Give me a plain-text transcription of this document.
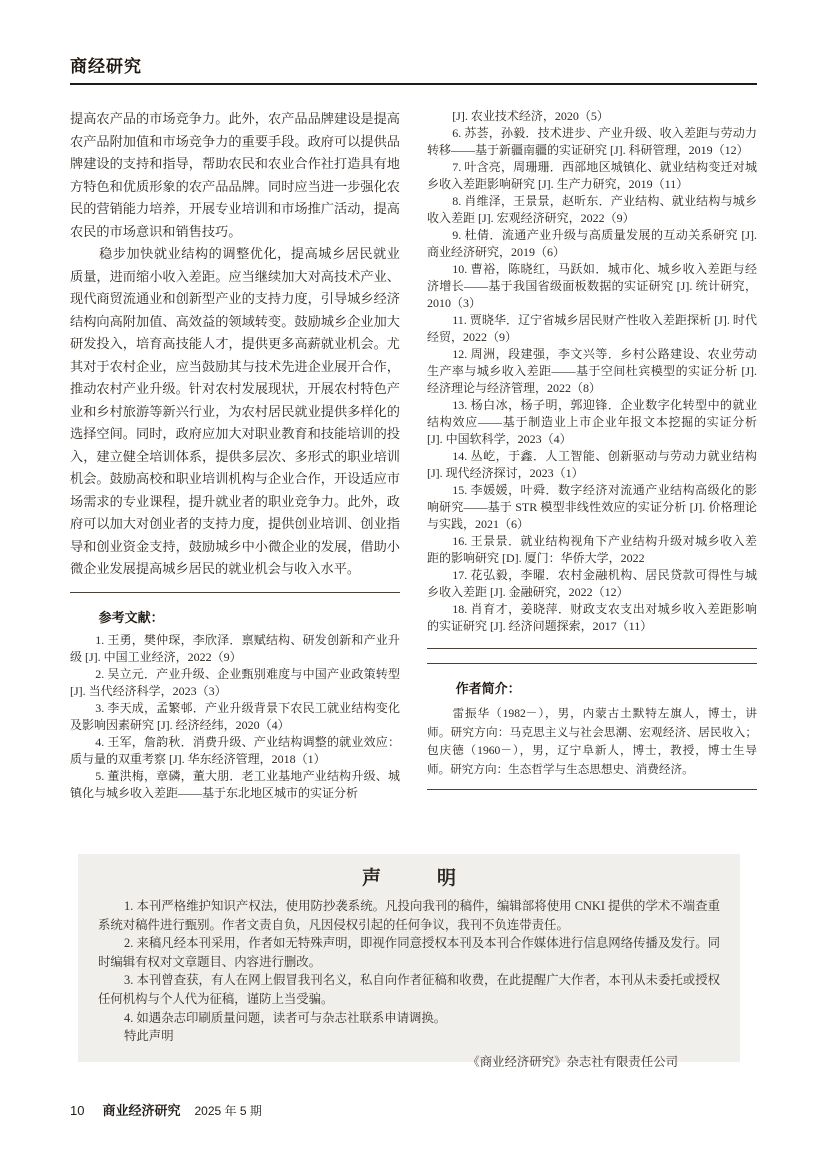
商经研究

提高农产品的市场竞争力。此外，农产品品牌建设是提高农产品附加值和市场竞争力的重要手段。政府可以提供品牌建设的支持和指导，帮助农民和农业合作社打造具有地方特色和优质形象的农产品品牌。同时应当进一步强化农民的营销能力培养，开展专业培训和市场推广活动，提高农民的市场意识和销售技巧。

稳步加快就业结构的调整优化，提高城乡居民就业质量，进而缩小收入差距。应当继续加大对高技术产业、现代商贸流通业和创新型产业的支持力度，引导城乡经济结构向高附加值、高效益的领域转变。鼓励城乡企业加大研发投入，培育高技能人才，提供更多高薪就业机会。尤其对于农村企业，应当鼓励其与技术先进企业展开合作，推动农村产业升级。针对农村发展现状，开展农村特色产业和乡村旅游等新兴行业，为农村居民就业提供多样化的选择空间。同时，政府应加大对职业教育和技能培训的投入，建立健全培训体系，提供多层次、多形式的职业培训机会。鼓励高校和职业培训机构与企业合作，开设适应市场需求的专业课程，提升就业者的职业竞争力。此外，政府可以加大对创业者的支持力度，提供创业培训、创业指导和创业资金支持，鼓励城乡中小微企业的发展，借助小微企业发展提高城乡居民的就业机会与收入水平。

参考文献：

1. 王勇，樊仲琛，李欣泽．禀赋结构、研发创新和产业升级 [J]. 中国工业经济，2022（9）

2. 吴立元．产业升级、企业甄别难度与中国产业政策转型 [J]. 当代经济科学，2023（3）

3. 李天成，孟繁邨．产业升级背景下农民工就业结构变化及影响因素研究 [J]. 经济经纬，2020（4）

4. 王军，詹韵秋．消费升级、产业结构调整的就业效应：质与量的双重考察 [J]. 华东经济管理，2018（1）

5. 董洪梅，章磷，董大朋．老工业基地产业结构升级、城镇化与城乡收入差距——基于东北地区城市的实证分析

[J]. 农业技术经济，2020（5）

6. 苏荟，孙毅．技术进步、产业升级、收入差距与劳动力转移——基于新疆南疆的实证研究 [J]. 科研管理，2019（12）

7. 叶含亮，周珊珊．西部地区城镇化、就业结构变迁对城乡收入差距影响研究 [J]. 生产力研究，2019（11）

8. 肖维泽，王景景，赵昕东．产业结构、就业结构与城乡收入差距 [J]. 宏观经济研究，2022（9）

9. 杜倩．流通产业升级与高质量发展的互动关系研究 [J]. 商业经济研究，2019（6）

10. 曹裕，陈晓红，马跃如．城市化、城乡收入差距与经济增长——基于我国省级面板数据的实证研究 [J]. 统计研究，2010（3）

11. 贾晓华．辽宁省城乡居民财产性收入差距探析 [J]. 时代经贸，2022（9）

12. 周洲，段建强，李文兴等．乡村公路建设、农业劳动生产率与城乡收入差距——基于空间杜宾模型的实证分析 [J]. 经济理论与经济管理，2022（8）

13. 杨白冰，杨子明，郭迎锋．企业数字化转型中的就业结构效应——基于制造业上市企业年报文本挖掘的实证分析 [J]. 中国软科学，2023（4）

14. 丛屹，于鑫．人工智能、创新驱动与劳动力就业结构 [J]. 现代经济探讨，2023（1）

15. 李媛媛，叶舜．数字经济对流通产业结构高级化的影响研究——基于 STR 模型非线性效应的实证分析 [J]. 价格理论与实践，2021（6）

16. 王景景．就业结构视角下产业结构升级对城乡收入差距的影响研究 [D]. 厦门：华侨大学，2022

17. 花弘毅，李曜．农村金融机构、居民贷款可得性与城乡收入差距 [J]. 金融研究，2022（12）

18. 肖育才，姜晓萍．财政支农支出对城乡收入差距影响的实证研究 [J]. 经济问题探索，2017（11）

作者简介：

雷振华（1982－），男，内蒙古土默特左旗人，博士，讲师。研究方向：马克思主义与社会思潮、宏观经济、居民收入；包庆德（1960－），男，辽宁阜新人，博士，教授，博士生导师。研究方向：生态哲学与生态思想史、消费经济。

声	明

1. 本刊严格维护知识产权法，使用防抄袭系统。凡投向我刊的稿件，编辑部将使用 CNKI 提供的学术不端查重系统对稿件进行甄别。作者文责自负，凡因侵权引起的任何争议，我刊不负连带责任。

2. 来稿凡经本刊采用，作者如无特殊声明，即视作同意授权本刊及本刊合作媒体进行信息网络传播及发行。同时编辑有权对文章题目、内容进行删改。

3. 本刊曾查获，有人在网上假冒我刊名义，私自向作者征稿和收费，在此提醒广大作者，本刊从未委托或授权任何机构与个人代为征稿，谨防上当受骗。

4. 如遇杂志印刷质量问题，读者可与杂志社联系申请调换。

特此声明

《商业经济研究》杂志社有限责任公司

10 商业经济研究 2025 年 5 期
